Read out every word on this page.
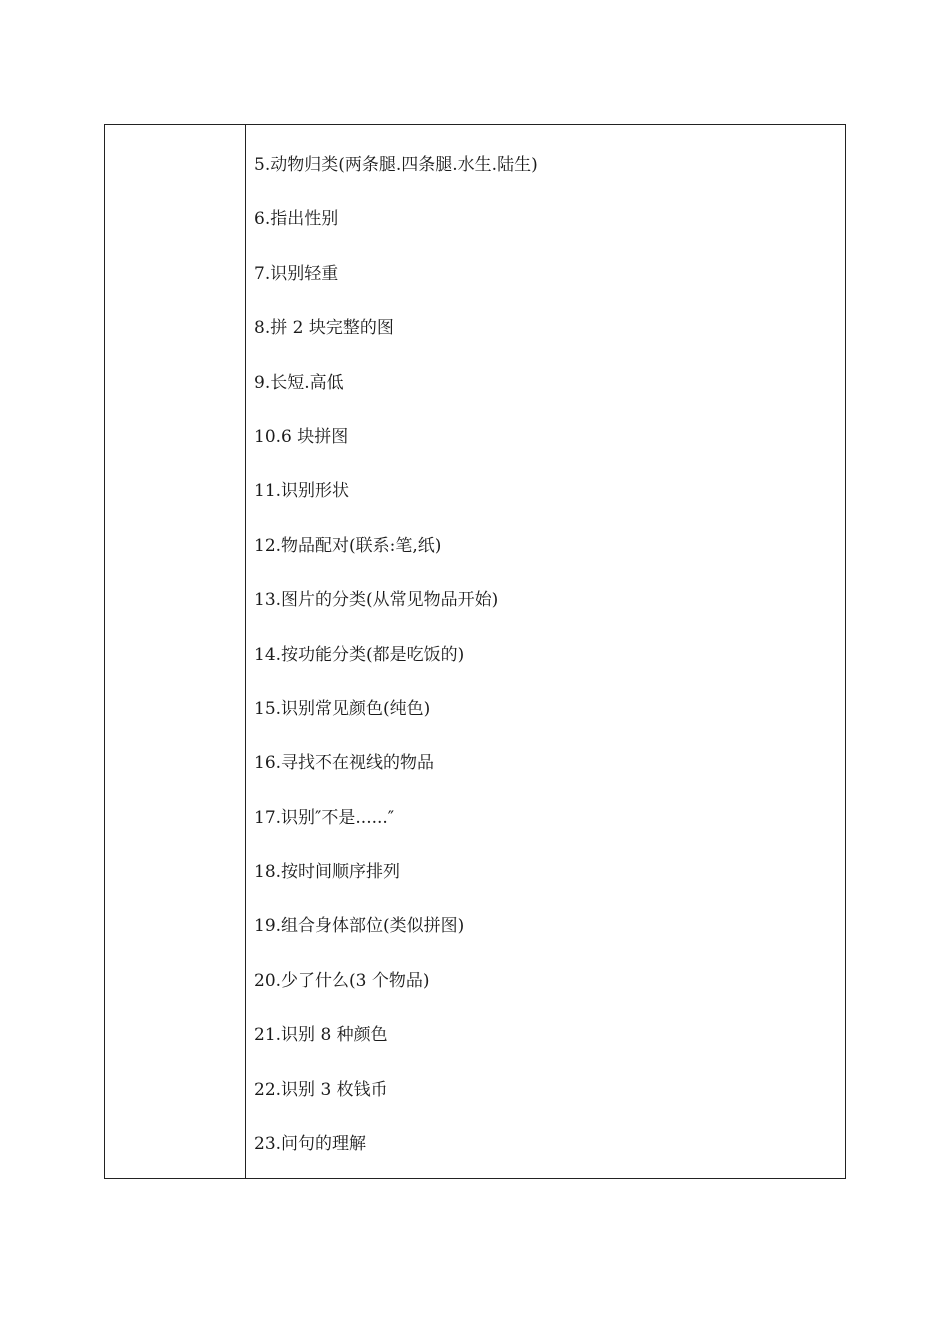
5.动物归类(两条腿.四条腿.水生.陆生)
6.指出性别
7.识别轻重
8.拼 2 块完整的图
9.长短.高低
10.6 块拼图
11.识别形状
12.物品配对(联系:笔,纸)
13.图片的分类(从常见物品开始)
14.按功能分类(都是吃饭的)
15.识别常见颜色(纯色)
16.寻找不在视线的物品
17.识别″不是......″
18.按时间顺序排列
19.组合身体部位(类似拼图)
20.少了什么(3 个物品)
21.识别 8 种颜色
22.识别 3 枚钱币
23.问句的理解
